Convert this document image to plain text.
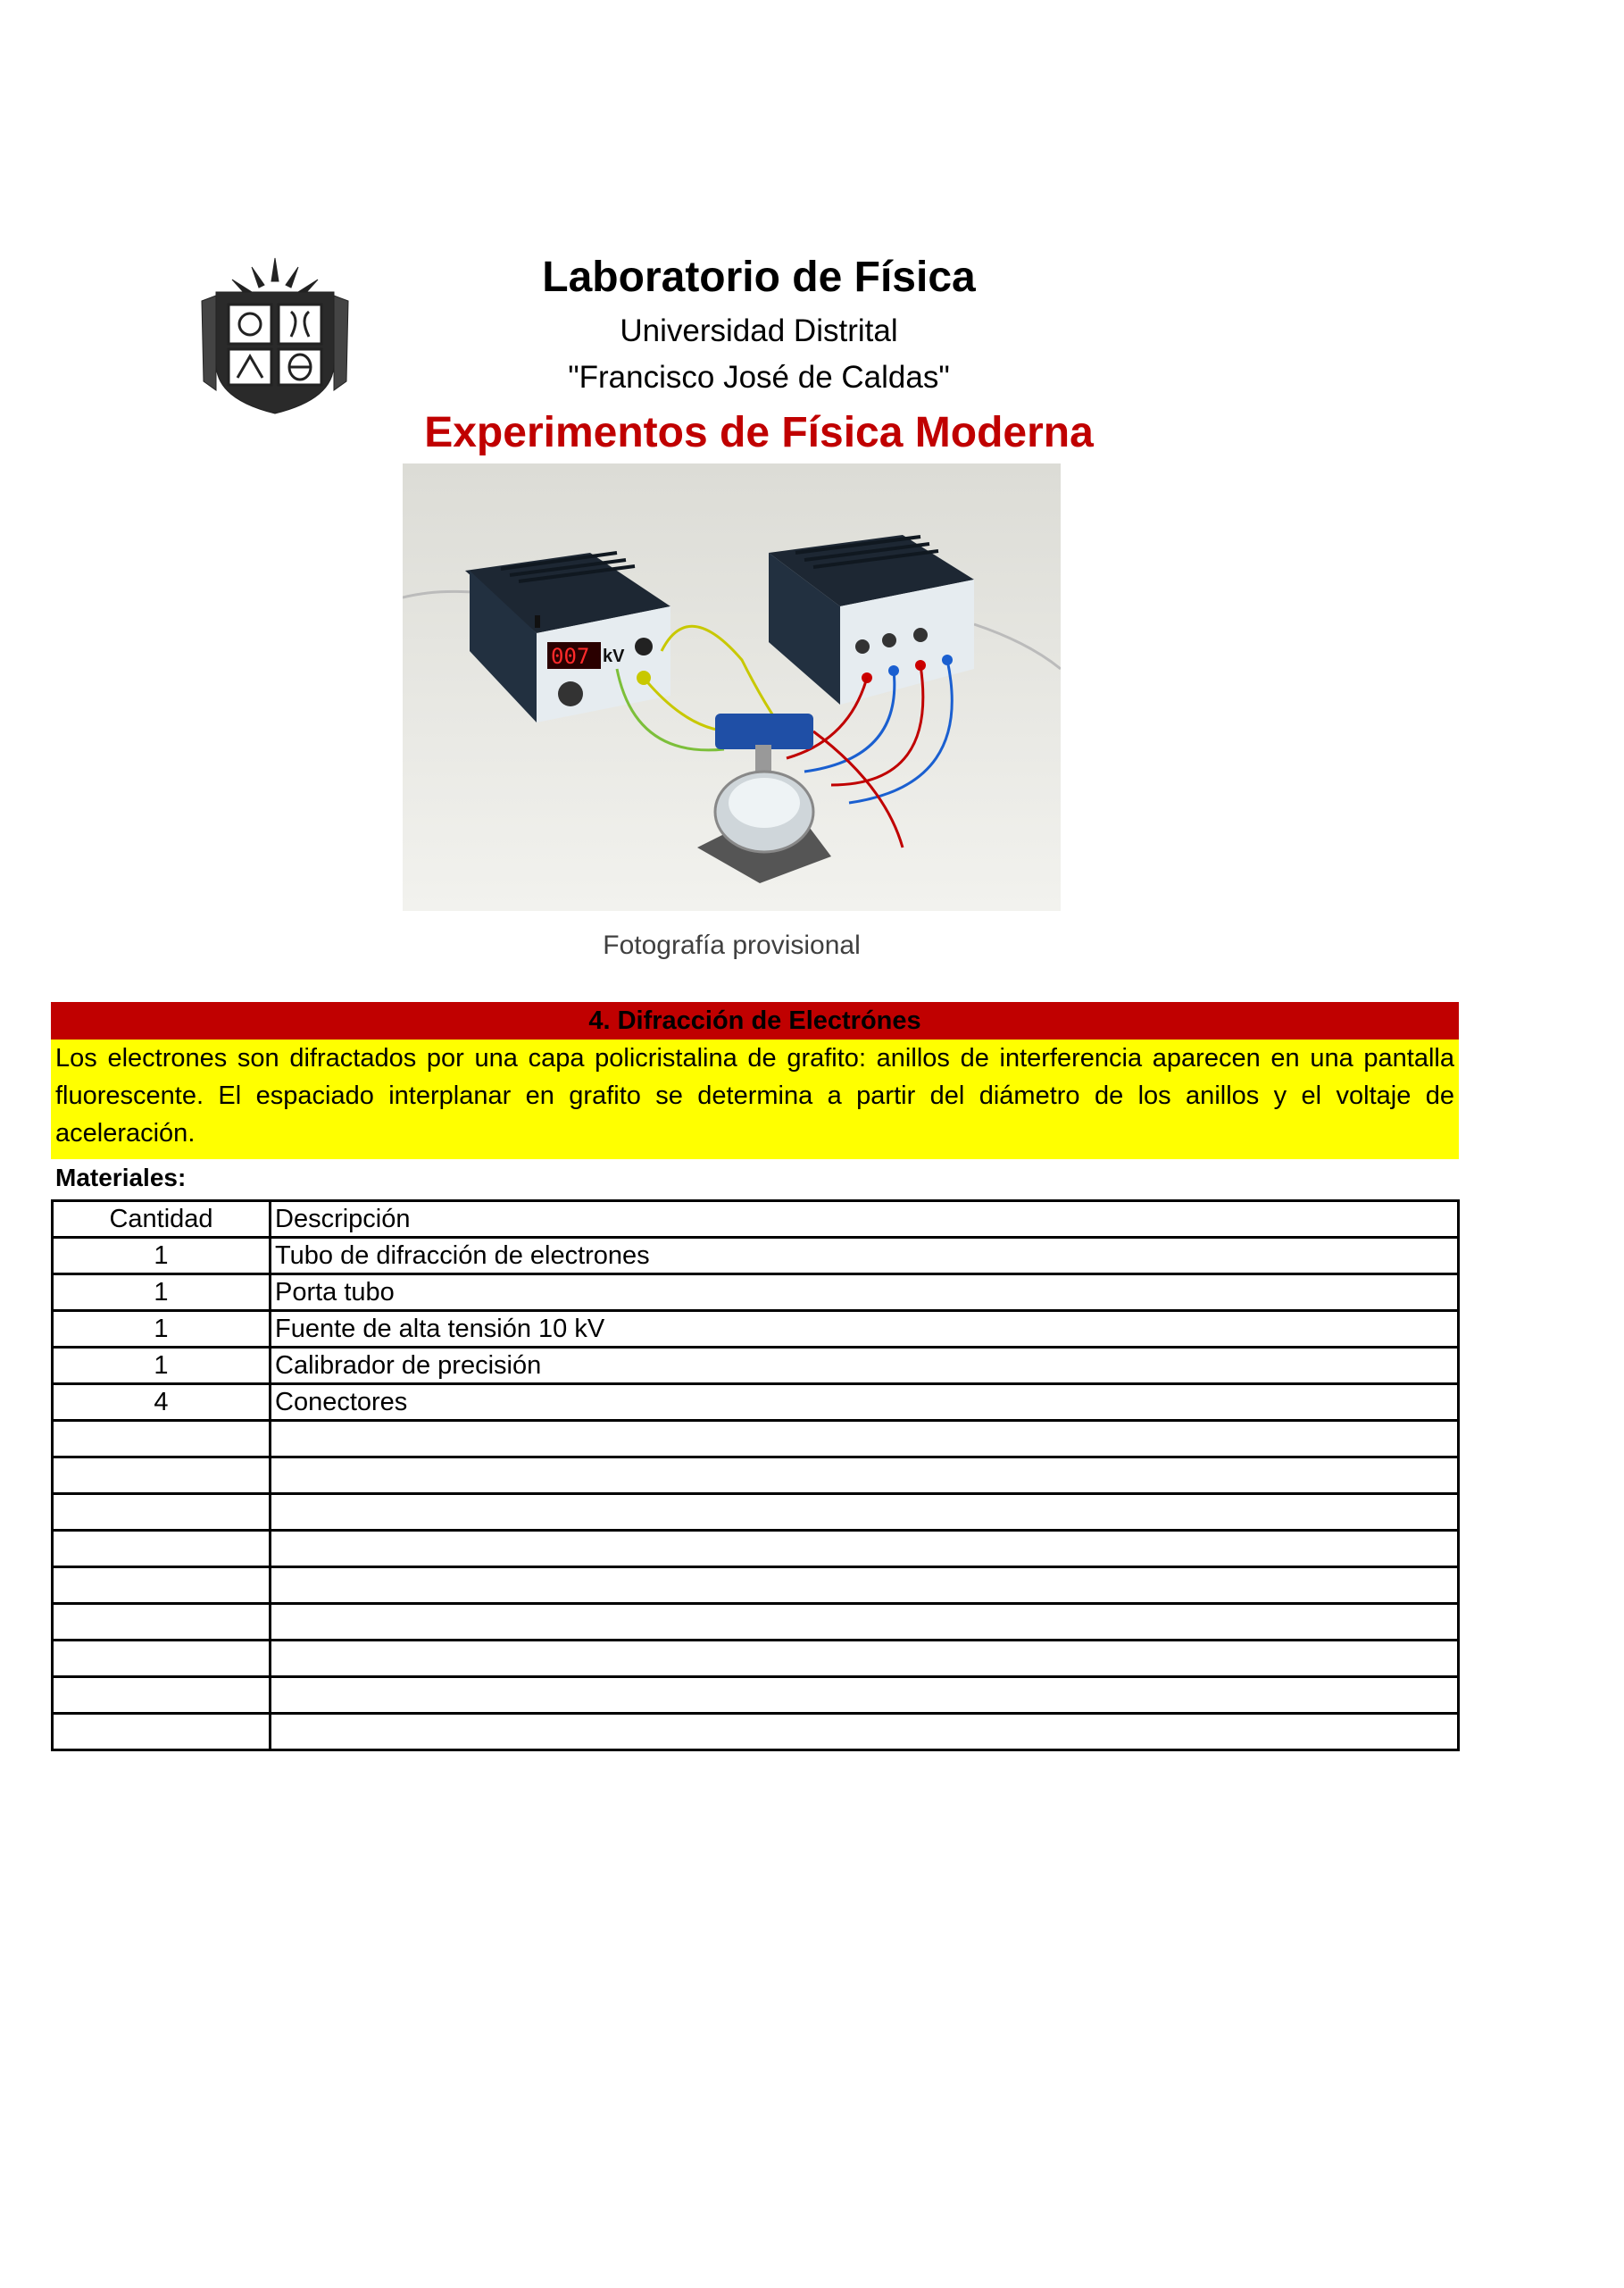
Laboratorio de Física
Universidad Distrital
"Francisco José de Caldas"
Experimentos de Física Moderna
007 kV
Fotografía provisional
4. Difracción de Electrónes
Los electrones son difractados por una capa policristalina de grafito: anillos de interferencia aparecen en una pantalla fluorescente. El espaciado interplanar en grafito se determina a partir del diámetro de los anillos y el voltaje de aceleración.
Materiales:
Cantidad	Descripción
1	Tubo de difracción de electrones
1	Porta tubo
1	Fuente de alta tensión 10 kV
1	Calibrador de precisión
4	Conectores
